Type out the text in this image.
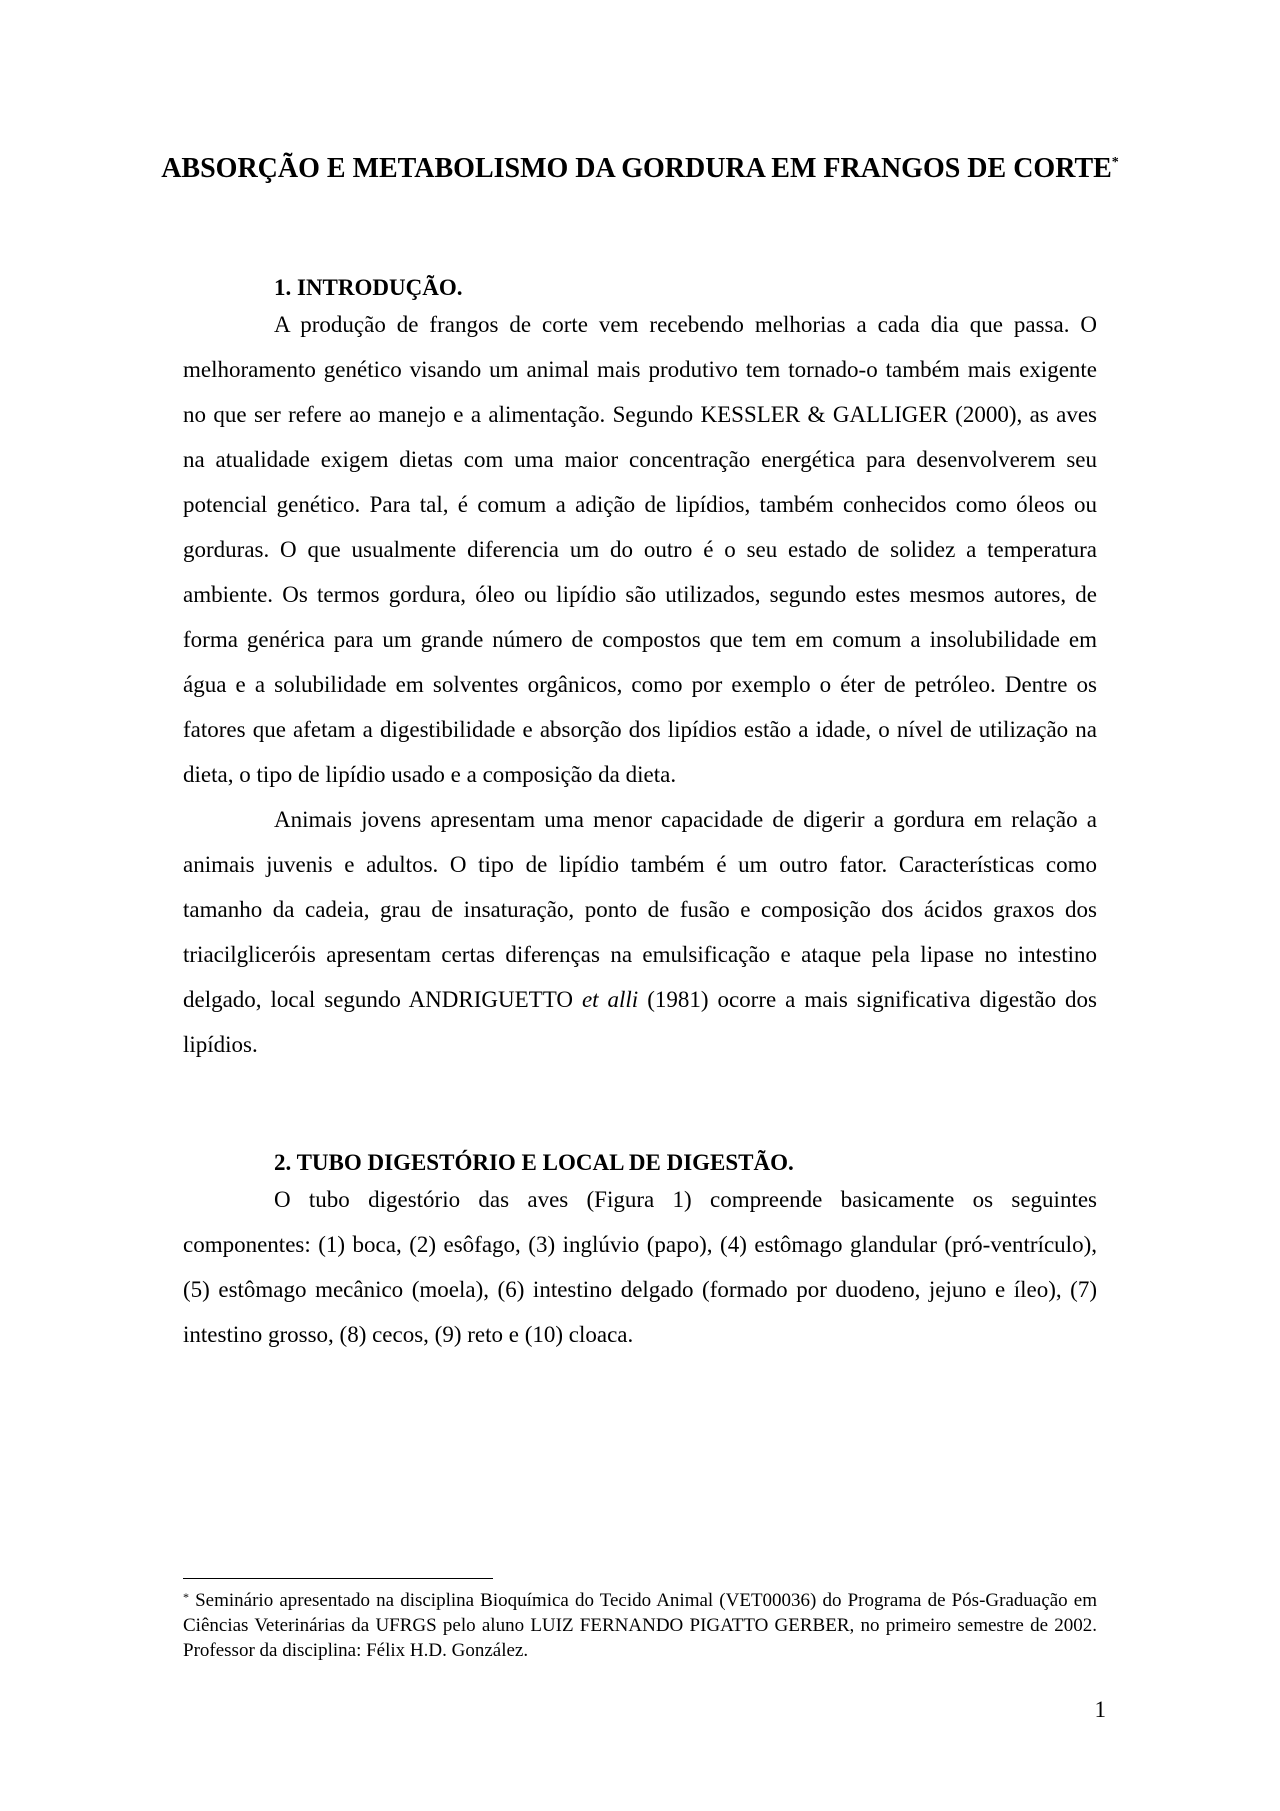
ABSORÇÃO E METABOLISMO DA GORDURA EM FRANGOS DE CORTE*
1. INTRODUÇÃO.

A produção de frangos de corte vem recebendo melhorias a cada dia que passa. O melhoramento genético visando um animal mais produtivo tem tornado-o também mais exigente no que ser refere ao manejo e a alimentação. Segundo KESSLER & GALLIGER (2000), as aves na atualidade exigem dietas com uma maior concentração energética para desenvolverem seu potencial genético. Para tal, é comum a adição de lipídios, também conhecidos como óleos ou gorduras. O que usualmente diferencia um do outro é o seu estado de solidez a temperatura ambiente. Os termos gordura, óleo ou lipídio são utilizados, segundo estes mesmos autores, de forma genérica para um grande número de compostos que tem em comum a insolubilidade em água e a solubilidade em solventes orgânicos, como por exemplo o éter de petróleo. Dentre os fatores que afetam a digestibilidade e absorção dos lipídios estão a idade, o nível de utilização na dieta, o tipo de lipídio usado e a composição da dieta.

Animais jovens apresentam uma menor capacidade de digerir a gordura em relação a animais juvenis e adultos. O tipo de lipídio também é um outro fator. Características como tamanho da cadeia, grau de insaturação, ponto de fusão e composição dos ácidos graxos dos triacilgliceróis apresentam certas diferenças na emulsificação e ataque pela lipase no intestino delgado, local segundo ANDRIGUETTO et alli (1981) ocorre a mais significativa digestão dos lipídios.

2. TUBO DIGESTÓRIO E LOCAL DE DIGESTÃO.

O tubo digestório das aves (Figura 1) compreende basicamente os seguintes componentes: (1) boca, (2) esôfago, (3) inglúvio (papo), (4) estômago glandular (pró-ventrículo), (5) estômago mecânico (moela), (6) intestino delgado (formado por duodeno, jejuno e íleo), (7) intestino grosso, (8) cecos, (9) reto e (10) cloaca.

* Seminário apresentado na disciplina Bioquímica do Tecido Animal (VET00036) do Programa de Pós-Graduação em Ciências Veterinárias da UFRGS pelo aluno LUIZ FERNANDO PIGATTO GERBER, no primeiro semestre de 2002. Professor da disciplina: Félix H.D. González.
1
